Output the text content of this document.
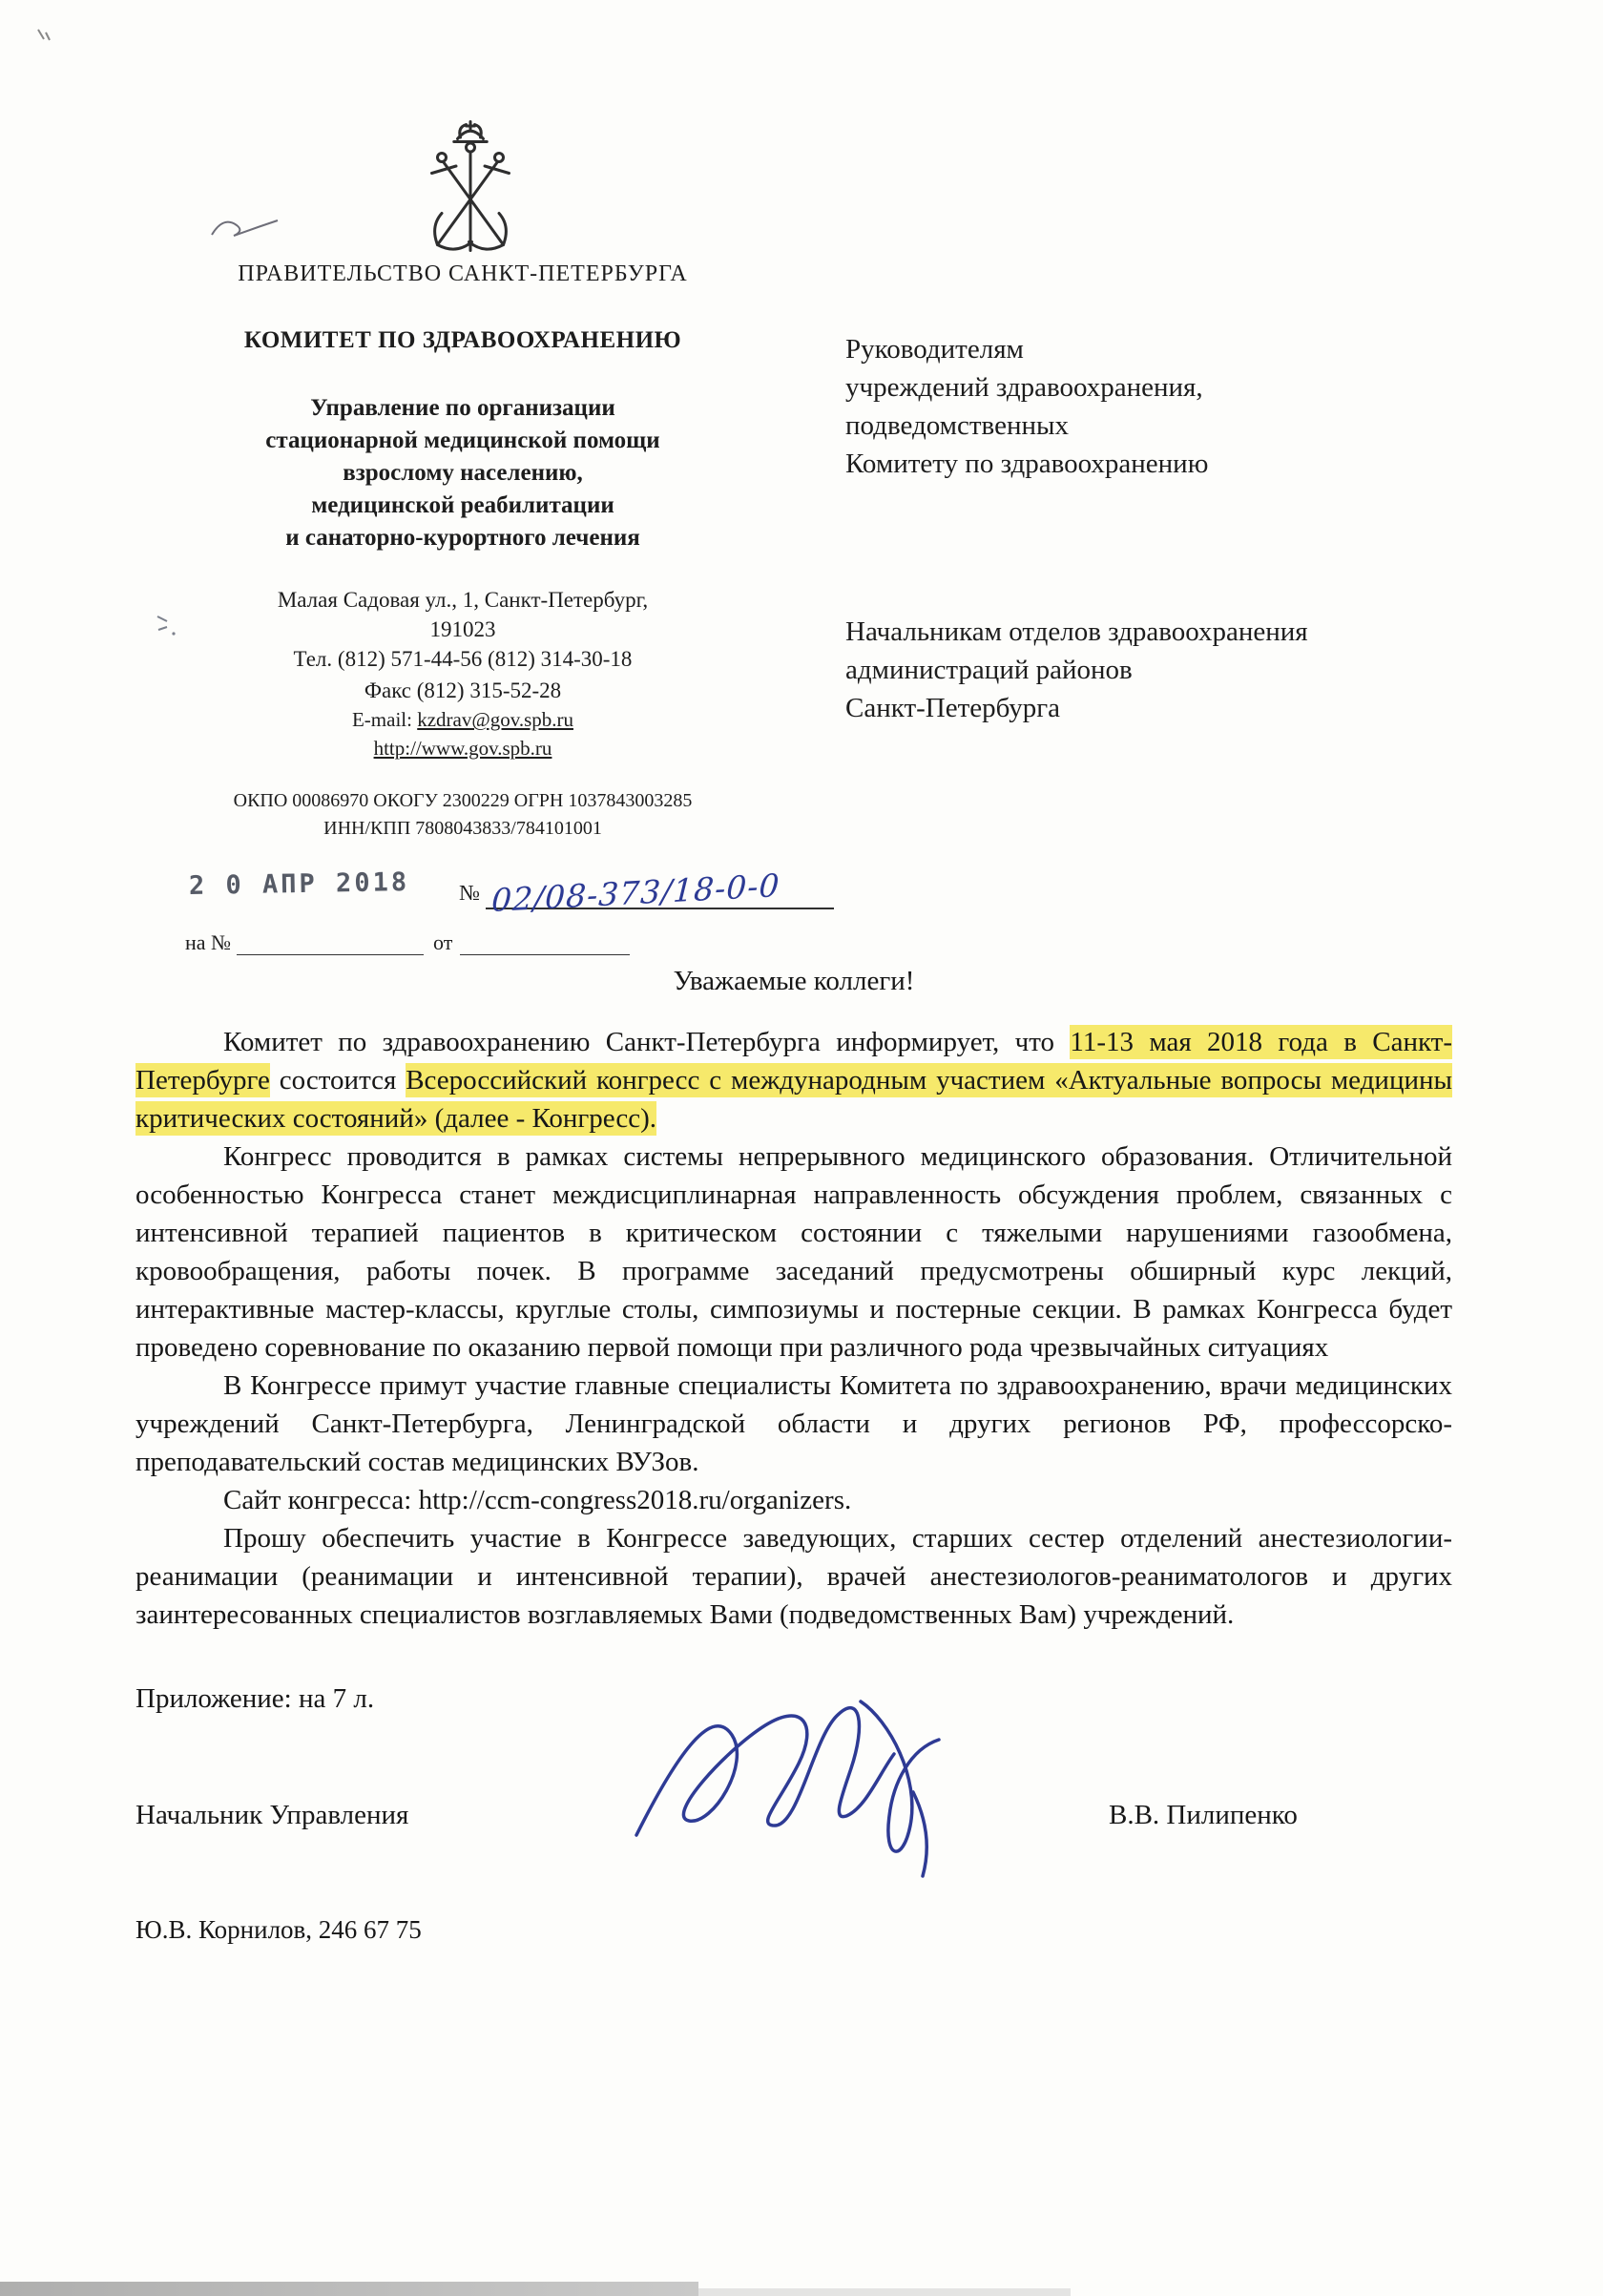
ПРАВИТЕЛЬСТВО САНКТ-ПЕТЕРБУРГА
КОМИТЕТ ПО ЗДРАВООХРАНЕНИЮ
Управление по организации
стационарной медицинской помощи
взрослому населению,
медицинской реабилитации
и санаторно-курортного лечения
Малая Садовая ул., 1, Санкт-Петербург,
191023
Тел. (812) 571-44-56 (812) 314-30-18
Факс (812) 315-52-28
E-mail: kzdrav@gov.spb.ru
http://www.gov.spb.ru
ОКПО 00086970 ОКОГУ 2300229 ОГРН 1037843003285
ИНН/КПП 7808043833/784101001
2 0 АПР 2018 № 02/08-373/18-0-0
на №	от
Руководителям
учреждений здравоохранения,
подведомственных
Комитету по здравоохранению
Начальникам отделов здравоохранения
администраций районов
Санкт-Петербурга
Уважаемые коллеги!

Комитет по здравоохранению Санкт-Петербурга информирует, что 11-13 мая 2018 года в Санкт-Петербурге состоится Всероссийский конгресс с международным участием «Актуальные вопросы медицины критических состояний» (далее - Конгресс).

Конгресс проводится в рамках системы непрерывного медицинского образования. Отличительной особенностью Конгресса станет междисциплинарная направленность обсуждения проблем, связанных с интенсивной терапией пациентов в критическом состоянии с тяжелыми нарушениями газообмена, кровообращения, работы почек. В программе заседаний предусмотрены обширный курс лекций, интерактивные мастер-классы, круглые столы, симпозиумы и постерные секции. В рамках Конгресса будет проведено соревнование по оказанию первой помощи при различного рода чрезвычайных ситуациях

В Конгрессе примут участие главные специалисты Комитета по здравоохранению, врачи медицинских учреждений Санкт-Петербурга, Ленинградской области и других регионов РФ, профессорско-преподавательский состав медицинских ВУЗов.

Сайт конгресса: http://ccm-congress2018.ru/organizers.

Прошу обеспечить участие в Конгрессе заведующих, старших сестер отделений анестезиологии-реанимации (реанимации и интенсивной терапии), врачей анестезиологов-реаниматологов и других заинтересованных специалистов возглавляемых Вами (подведомственных Вам) учреждений.

Приложение: на 7 л.
Начальник Управления	В.В. Пилипенко
Ю.В. Корнилов, 246 67 75
